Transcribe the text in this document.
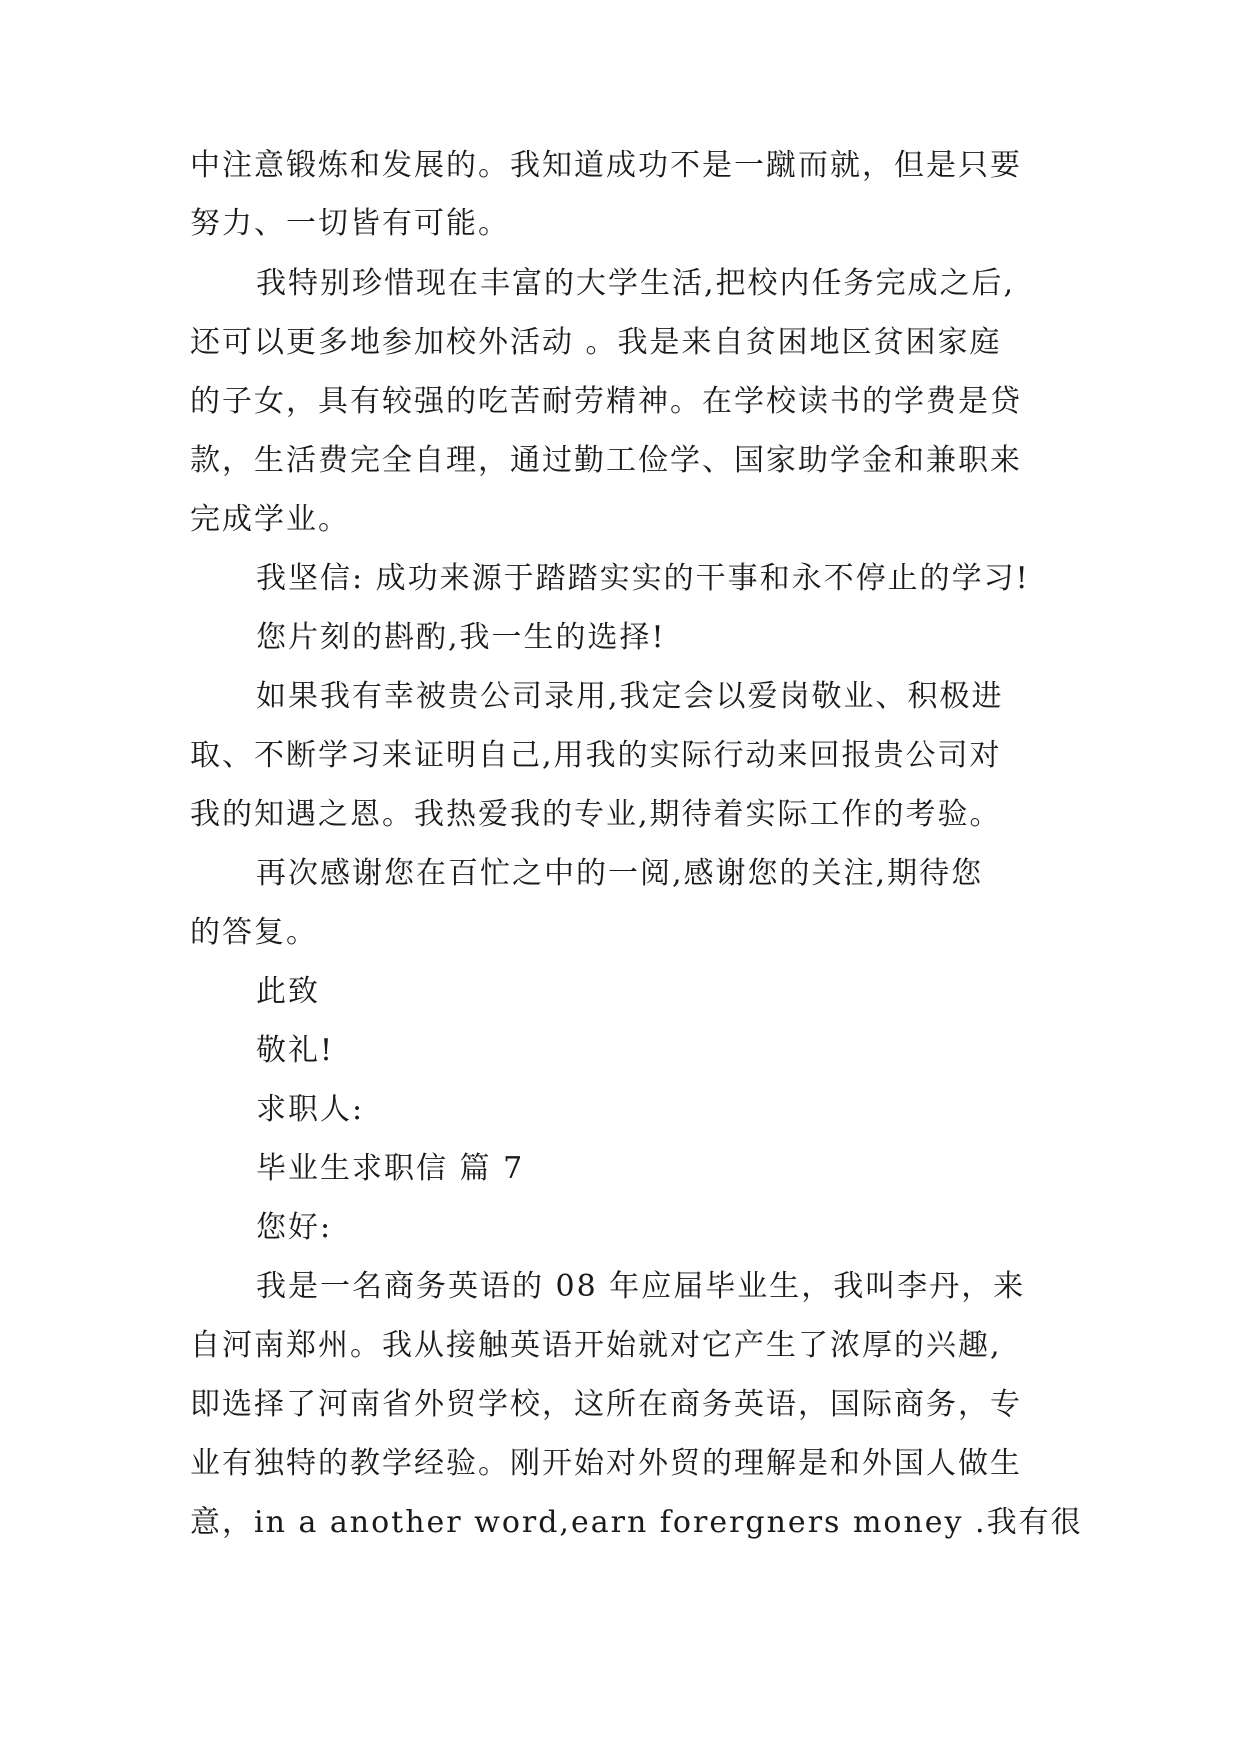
中注意锻炼和发展的。我知道成功不是一蹴而就，但是只要
努力、一切皆有可能。
我特别珍惜现在丰富的大学生活,把校内任务完成之后,
还可以更多地参加校外活动 。我是来自贫困地区贫困家庭
的子女，具有较强的吃苦耐劳精神。在学校读书的学费是贷
款，生活费完全自理，通过勤工俭学、国家助学金和兼职来
完成学业。
我坚信: 成功来源于踏踏实实的干事和永不停止的学习!
您片刻的斟酌,我一生的选择!
如果我有幸被贵公司录用,我定会以爱岗敬业、积极进
取、不断学习来证明自己,用我的实际行动来回报贵公司对
我的知遇之恩。我热爱我的专业,期待着实际工作的考验。
再次感谢您在百忙之中的一阅,感谢您的关注,期待您
的答复。
此致
敬礼!
求职人:
毕业生求职信 篇 7
您好:
我是一名商务英语的 08 年应届毕业生，我叫李丹，来
自河南郑州。我从接触英语开始就对它产生了浓厚的兴趣,
即选择了河南省外贸学校，这所在商务英语，国际商务，专
业有独特的教学经验。刚开始对外贸的理解是和外国人做生
意，in a another word,earn forergners money .我有很
